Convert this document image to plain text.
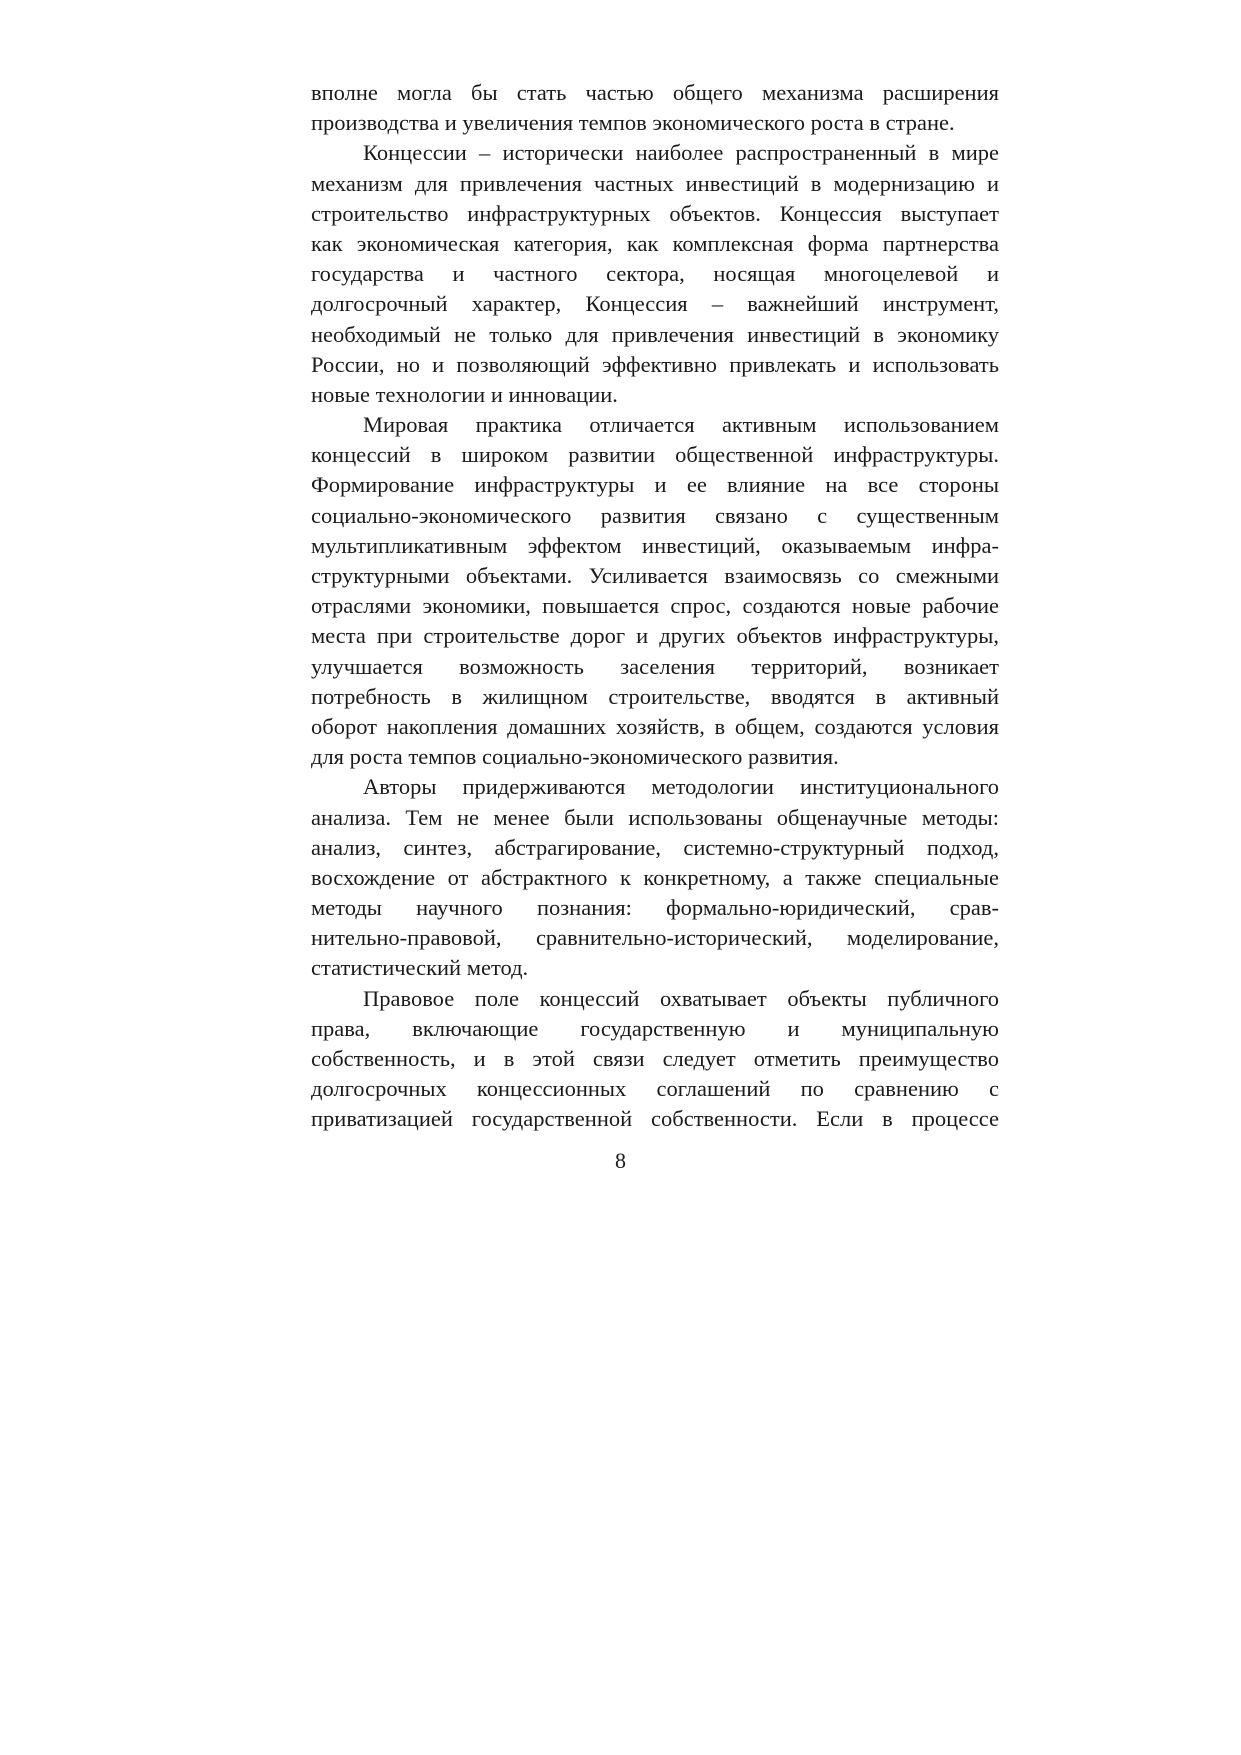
вполне могла бы стать частью общего механизма расширения
производства и увеличения темпов экономического роста в стране.
Концессии – исторически наиболее распространенный в мире
механизм для привлечения частных инвестиций в модернизацию и
строительство инфраструктурных объектов. Концессия выступает
как экономическая категория, как комплексная форма партнерства
государства и частного сектора, носящая многоцелевой и
долгосрочный характер, Концессия – важнейший инструмент,
необходимый не только для привлечения инвестиций в экономику
России, но и позволяющий эффективно привлекать и использовать
новые технологии и инновации.
Мировая практика отличается активным использованием
концессий в широком развитии общественной инфраструктуры.
Формирование инфраструктуры и ее влияние на все стороны
социально-экономического развития связано с существенным
мультипликативным эффектом инвестиций, оказываемым инфра-
структурными объектами. Усиливается взаимосвязь со смежными
отраслями экономики, повышается спрос, создаются новые рабочие
места при строительстве дорог и других объектов инфраструктуры,
улучшается возможность заселения территорий, возникает
потребность в жилищном строительстве, вводятся в активный
оборот накопления домашних хозяйств, в общем, создаются условия
для роста темпов социально-экономического развития.
Авторы придерживаются методологии институционального
анализа. Тем не менее были использованы общенаучные методы:
анализ, синтез, абстрагирование, системно-структурный подход,
восхождение от абстрактного к конкретному, а также специальные
методы научного познания: формально-юридический, срав-
нительно-правовой, сравнительно-исторический, моделирование,
статистический метод.
Правовое поле концессий охватывает объекты публичного
права, включающие государственную и муниципальную
собственность, и в этой связи следует отметить преимущество
долгосрочных концессионных соглашений по сравнению с
приватизацией государственной собственности. Если в процессе
8
